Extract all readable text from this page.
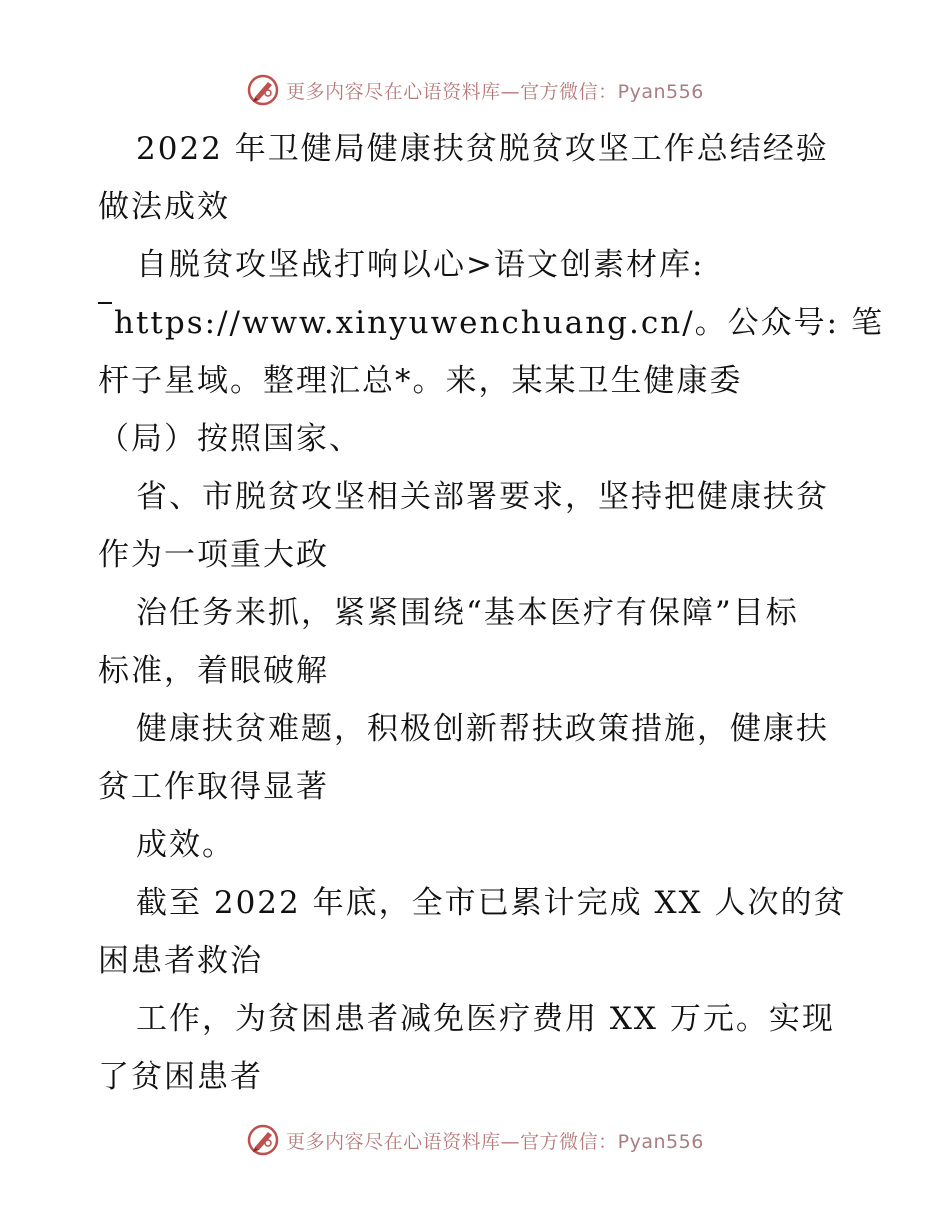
更多内容尽在心语资料库—官方微信：Pyan556
2022 年卫健局健康扶贫脱贫攻坚工作总结经验
做法成效
自脱贫攻坚战打响以心>语文创素材库:
https://www.xinyuwenchuang.cn/。公众号: 笔
杆子星域。整理汇总*。来，某某卫生健康委
（局）按照国家、
省、市脱贫攻坚相关部署要求，坚持把健康扶贫
作为一项重大政
治任务来抓，紧紧围绕“基本医疗有保障”目标
标准，着眼破解
健康扶贫难题，积极创新帮扶政策措施，健康扶
贫工作取得显著
成效。
截至 2022 年底，全市已累计完成 XX 人次的贫
困患者救治
工作，为贫困患者减免医疗费用 XX 万元。实现
了贫困患者
更多内容尽在心语资料库—官方微信：Pyan556
